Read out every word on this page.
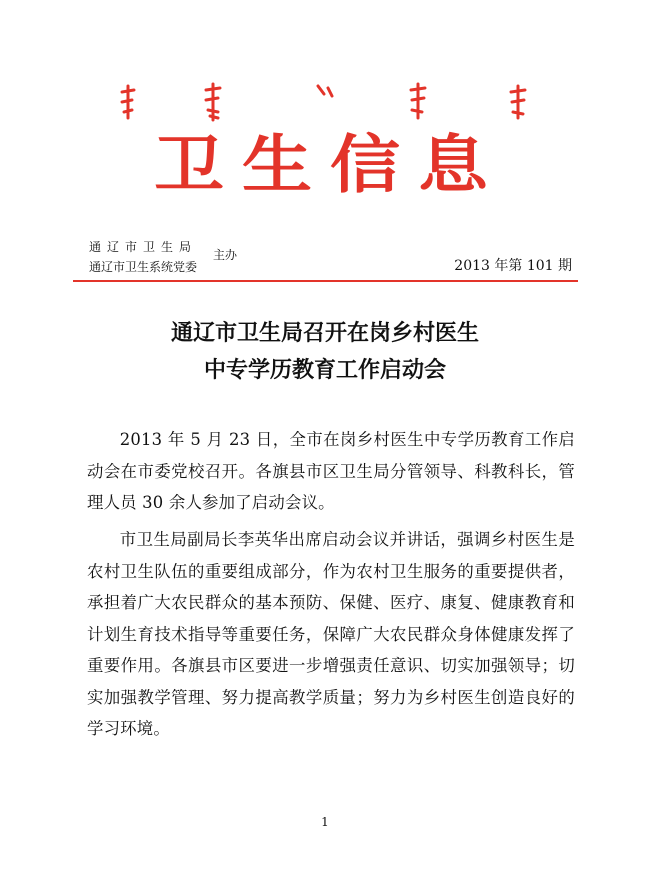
卫生信息
通辽市卫生局
通辽市卫生系统党委
主办
2013 年第 101 期
通辽市卫生局召开在岗乡村医生
中专学历教育工作启动会

2013 年 5 月 23 日，全市在岗乡村医生中专学历教育工作启动会在市委党校召开。各旗县市区卫生局分管领导、科教科长，管理人员 30 余人参加了启动会议。

市卫生局副局长李英华出席启动会议并讲话，强调乡村医生是农村卫生队伍的重要组成部分，作为农村卫生服务的重要提供者，承担着广大农民群众的基本预防、保健、医疗、康复、健康教育和计划生育技术指导等重要任务，保障广大农民群众身体健康发挥了重要作用。各旗县市区要进一步增强责任意识、切实加强领导；切实加强教学管理、努力提高教学质量；努力为乡村医生创造良好的学习环境。

1
